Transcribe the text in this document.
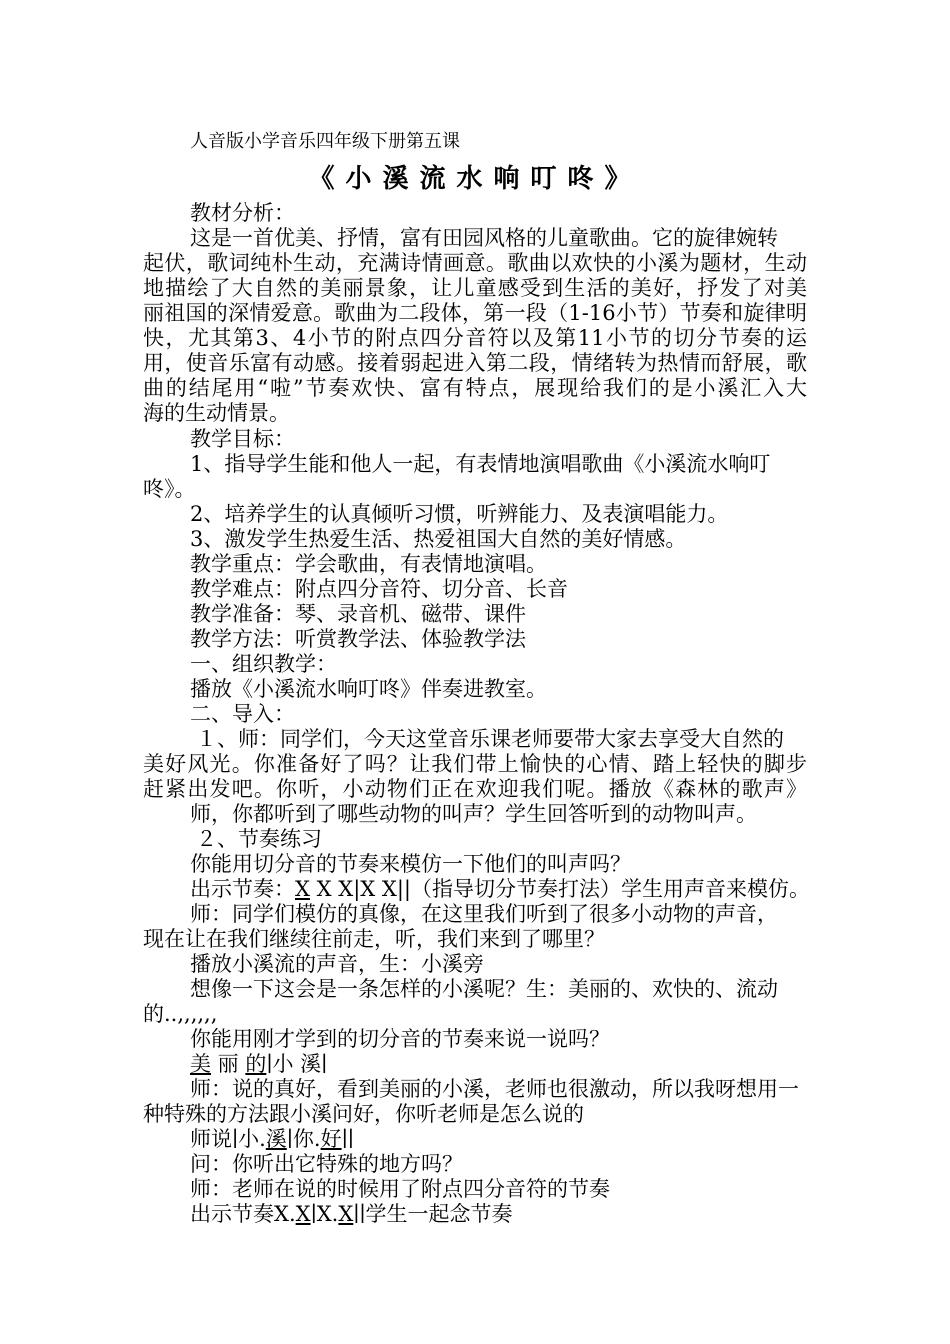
人音版小学音乐四年级下册第五课
《小溪流水响叮咚》
教材分析：
这是一首优美、抒情，富有田园风格的儿童歌曲。它的旋律婉转
起伏，歌词纯朴生动，充满诗情画意。歌曲以欢快的小溪为题材，生动
地描绘了大自然的美丽景象，让儿童感受到生活的美好，抒发了对美
丽祖国的深情爱意。歌曲为二段体，第一段（1-16小节）节奏和旋律明
快，尤其第3、4小节的附点四分音符以及第11小节的切分节奏的运
用，使音乐富有动感。接着弱起进入第二段，情绪转为热情而舒展，歌
曲的结尾用“啦”节奏欢快、富有特点，展现给我们的是小溪汇入大
海的生动情景。
教学目标：
1、指导学生能和他人一起，有表情地演唱歌曲《小溪流水响叮
咚》。
2、培养学生的认真倾听习惯，听辨能力、及表演唱能力。
3、激发学生热爱生活、热爱祖国大自然的美好情感。
教学重点：学会歌曲，有表情地演唱。
教学难点：附点四分音符、切分音、长音
教学准备：琴、录音机、磁带、课件
教学方法：听赏教学法、体验教学法
一、组织教学：
播放《小溪流水响叮咚》伴奏进教室。
二、导入：
１、师：同学们，今天这堂音乐课老师要带大家去享受大自然的
美好风光。你准备好了吗？让我们带上愉快的心情、踏上轻快的脚步
赶紧出发吧。你听，小动物们正在欢迎我们呢。播放《森林的歌声》
师，你都听到了哪些动物的叫声？学生回答听到的动物叫声。
２、节奏练习
你能用切分音的节奏来模仿一下他们的叫声吗？
出示节奏：X X X|X X||（指导切分节奏打法）学生用声音来模仿。
师：同学们模仿的真像，在这里我们听到了很多小动物的声音，
现在让在我们继续往前走，听，我们来到了哪里？
播放小溪流的声音，生：小溪旁
想像一下这会是一条怎样的小溪呢？生：美丽的、欢快的、流动
的..,,,,,,
你能用刚才学到的切分音的节奏来说一说吗？
美 丽 的∣小 溪∣
师：说的真好，看到美丽的小溪，老师也很激动，所以我呀想用一
种特殊的方法跟小溪问好，你听老师是怎么说的
师说∣小.溪∣你.好∣∣
问：你听出它特殊的地方吗？
师：老师在说的时候用了附点四分音符的节奏
出示节奏X.X∣X.X∣∣学生一起念节奏
